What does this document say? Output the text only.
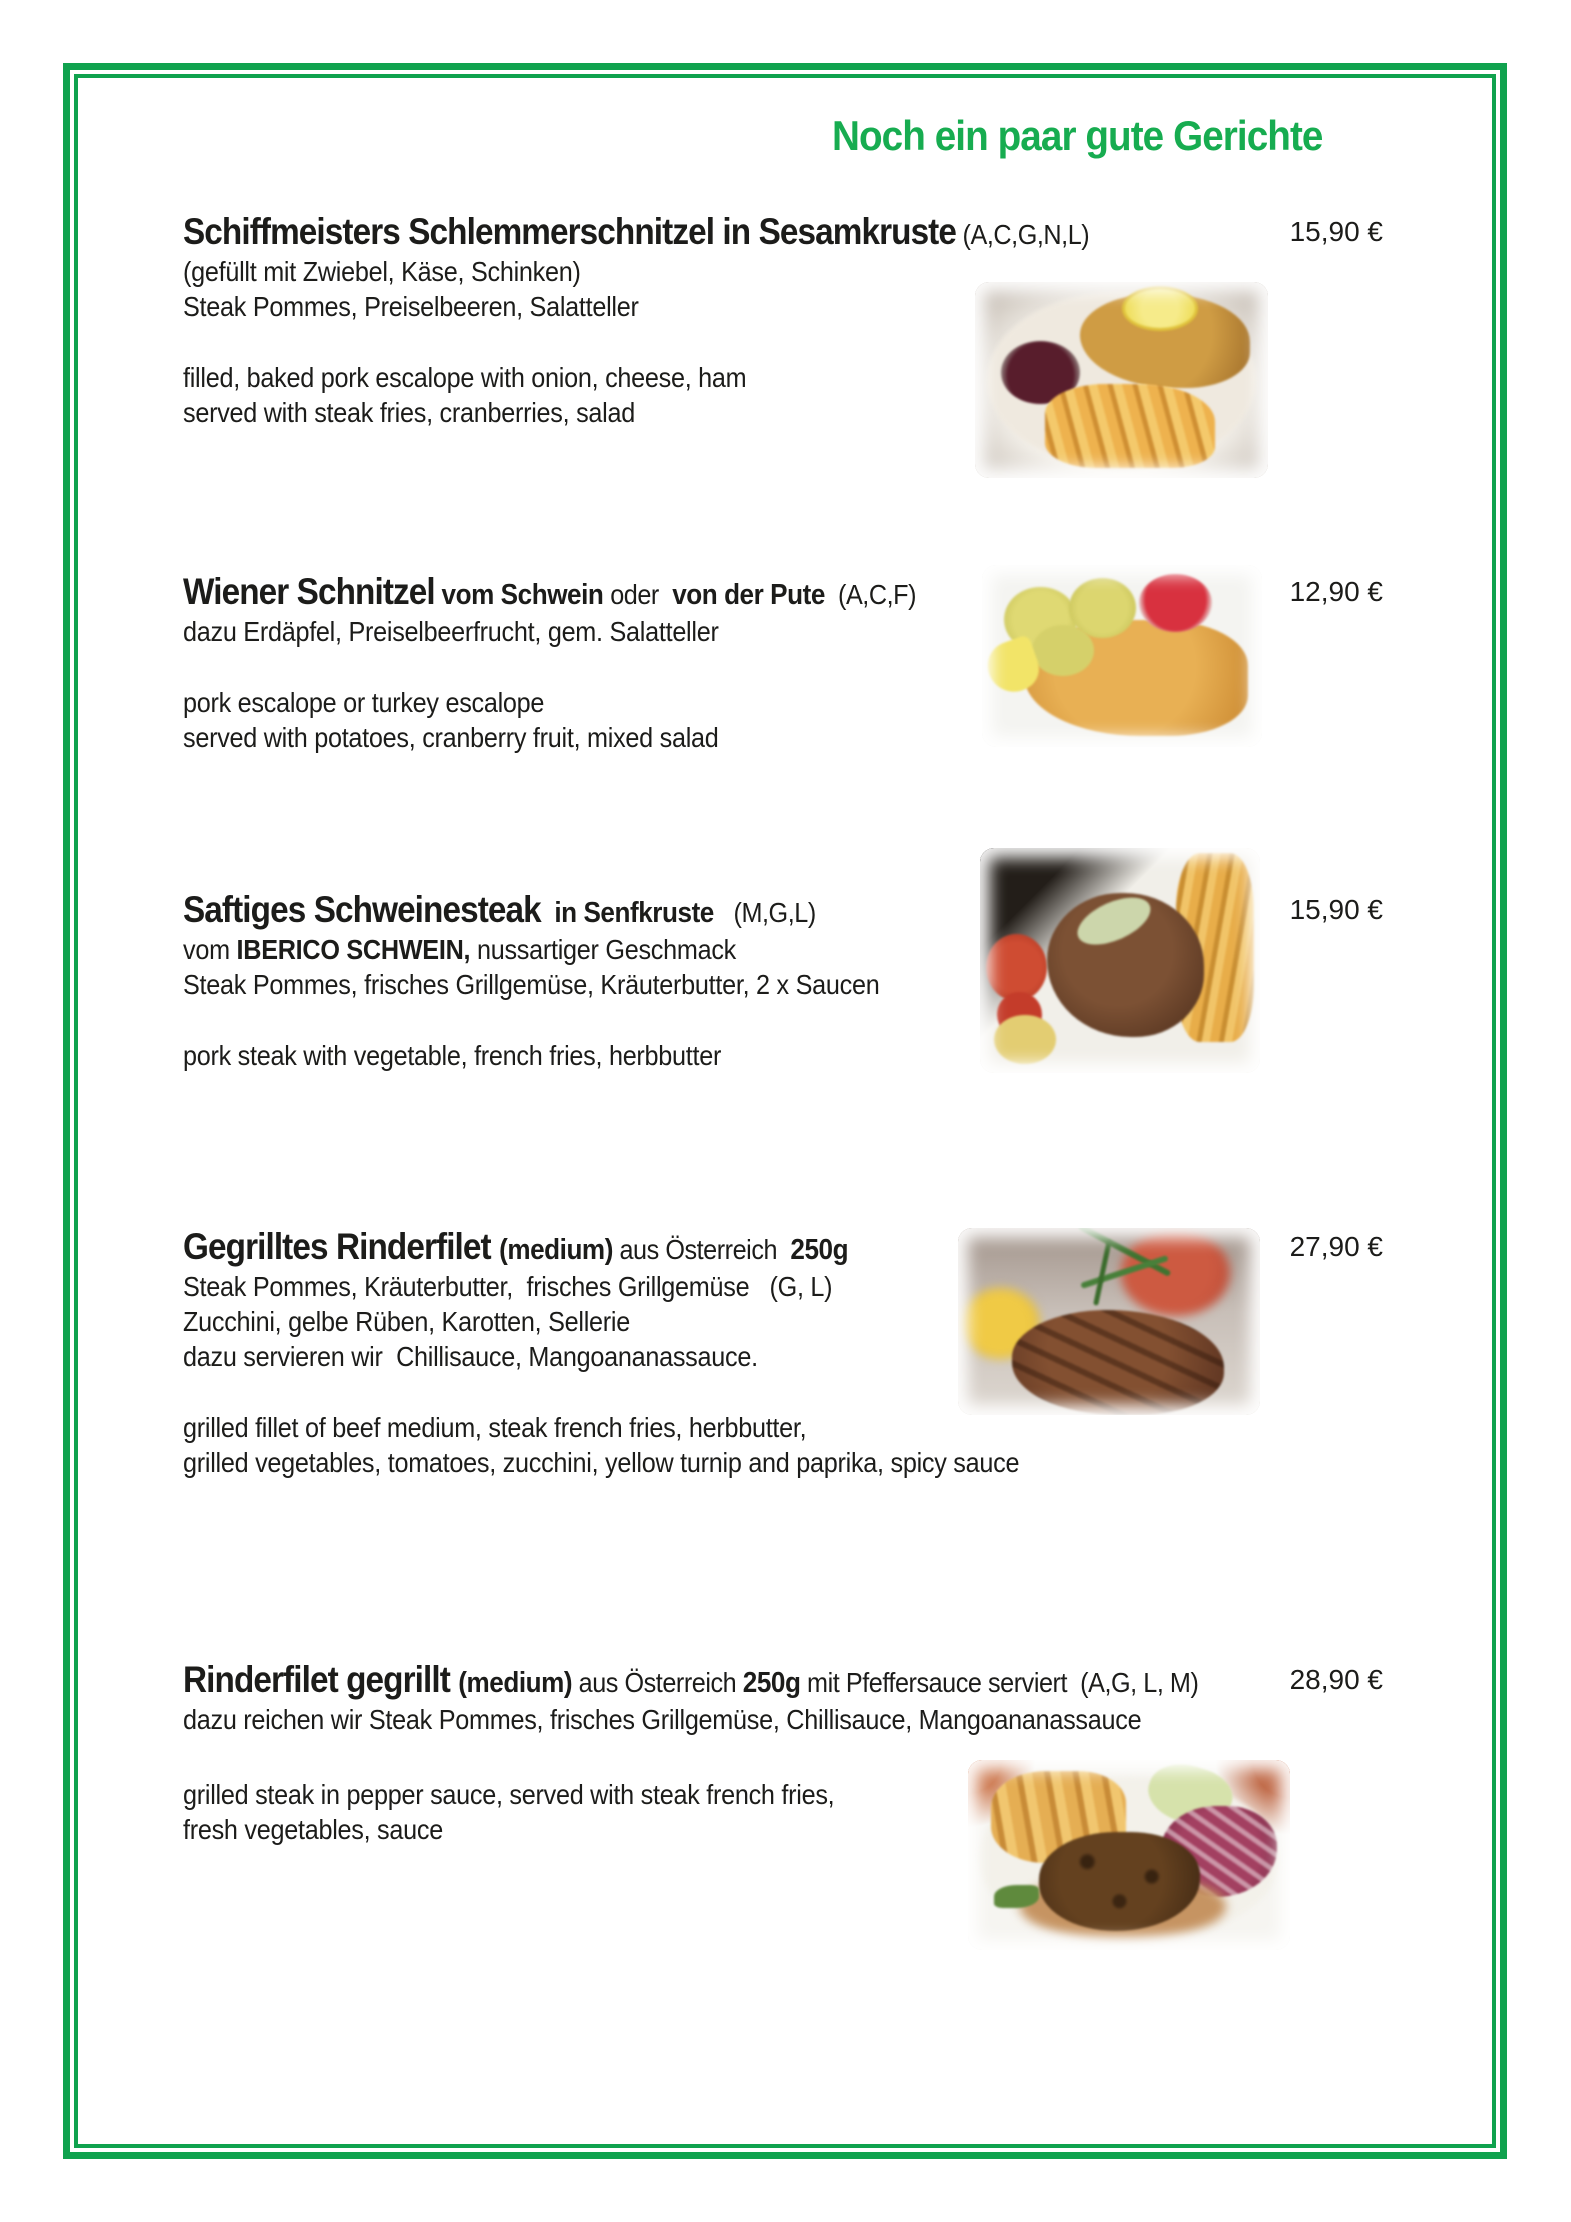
Noch ein paar gute Gerichte
Schiffmeisters Schlemmerschnitzel in Sesamkruste (A,C,G,N,L)	15,90 €
(gefüllt mit Zwiebel, Käse, Schinken)
Steak Pommes, Preiselbeeren, Salatteller
filled, baked pork escalope with onion, cheese, ham
served with steak fries, cranberries, salad
Wiener Schnitzel vom Schwein oder  von der Pute  (A,C,F)	12,90 €
dazu Erdäpfel, Preiselbeerfrucht, gem. Salatteller
pork escalope or turkey escalope
served with potatoes, cranberry fruit, mixed salad
Saftiges Schweinesteak  in Senfkruste   (M,G,L)	15,90 €
vom IBERICO SCHWEIN, nussartiger Geschmack
Steak Pommes, frisches Grillgemüse, Kräuterbutter, 2 x Saucen
pork steak with vegetable, french fries, herbbutter
Gegrilltes Rinderfilet (medium) aus Österreich  250g	27,90 €
Steak Pommes, Kräuterbutter,  frisches Grillgemüse   (G, L)
Zucchini, gelbe Rüben, Karotten, Sellerie
dazu servieren wir  Chillisauce, Mangoananassauce.
grilled fillet of beef medium, steak french fries, herbbutter,
grilled vegetables, tomatoes, zucchini, yellow turnip and paprika, spicy sauce
Rinderfilet gegrillt (medium) aus Österreich 250g mit Pfeffersauce serviert  (A,G, L, M)	28,90 €
dazu reichen wir Steak Pommes, frisches Grillgemüse, Chillisauce, Mangoananassauce
grilled steak in pepper sauce, served with steak french fries,
fresh vegetables, sauce
